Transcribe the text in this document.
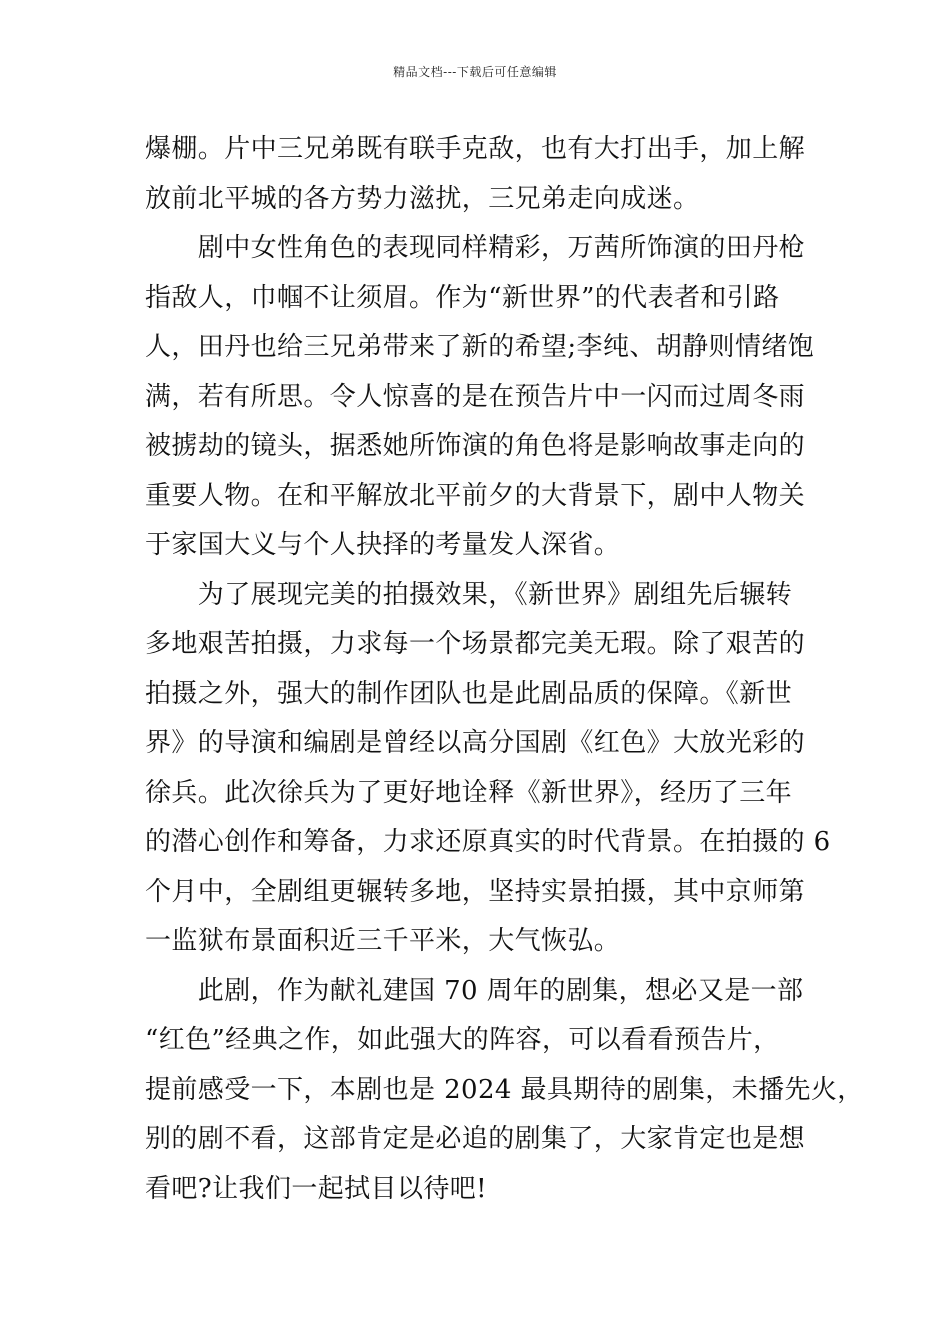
精品文档---下载后可任意编辑
爆棚。片中三兄弟既有联手克敌，也有大打出手，加上解
放前北平城的各方势力滋扰，三兄弟走向成迷。
　　剧中女性角色的表现同样精彩，万茜所饰演的田丹枪
指敌人，巾帼不让须眉。作为“新世界”的代表者和引路
人，田丹也给三兄弟带来了新的希望;李纯、胡静则情绪饱
满，若有所思。令人惊喜的是在预告片中一闪而过周冬雨
被掳劫的镜头，据悉她所饰演的角色将是影响故事走向的
重要人物。在和平解放北平前夕的大背景下，剧中人物关
于家国大义与个人抉择的考量发人深省。
　　为了展现完美的拍摄效果，《新世界》剧组先后辗转
多地艰苦拍摄，力求每一个场景都完美无瑕。除了艰苦的
拍摄之外，强大的制作团队也是此剧品质的保障。《新世
界》的导演和编剧是曾经以高分国剧《红色》大放光彩的
徐兵。此次徐兵为了更好地诠释《新世界》，经历了三年
的潜心创作和筹备，力求还原真实的时代背景。在拍摄的 6
个月中，全剧组更辗转多地，坚持实景拍摄，其中京师第
一监狱布景面积近三千平米，大气恢弘。
　　此剧，作为献礼建国 70 周年的剧集，想必又是一部
“红色”经典之作，如此强大的阵容，可以看看预告片，
提前感受一下，本剧也是 2024 最具期待的剧集，未播先火，
别的剧不看，这部肯定是必追的剧集了，大家肯定也是想
看吧?让我们一起拭目以待吧!
